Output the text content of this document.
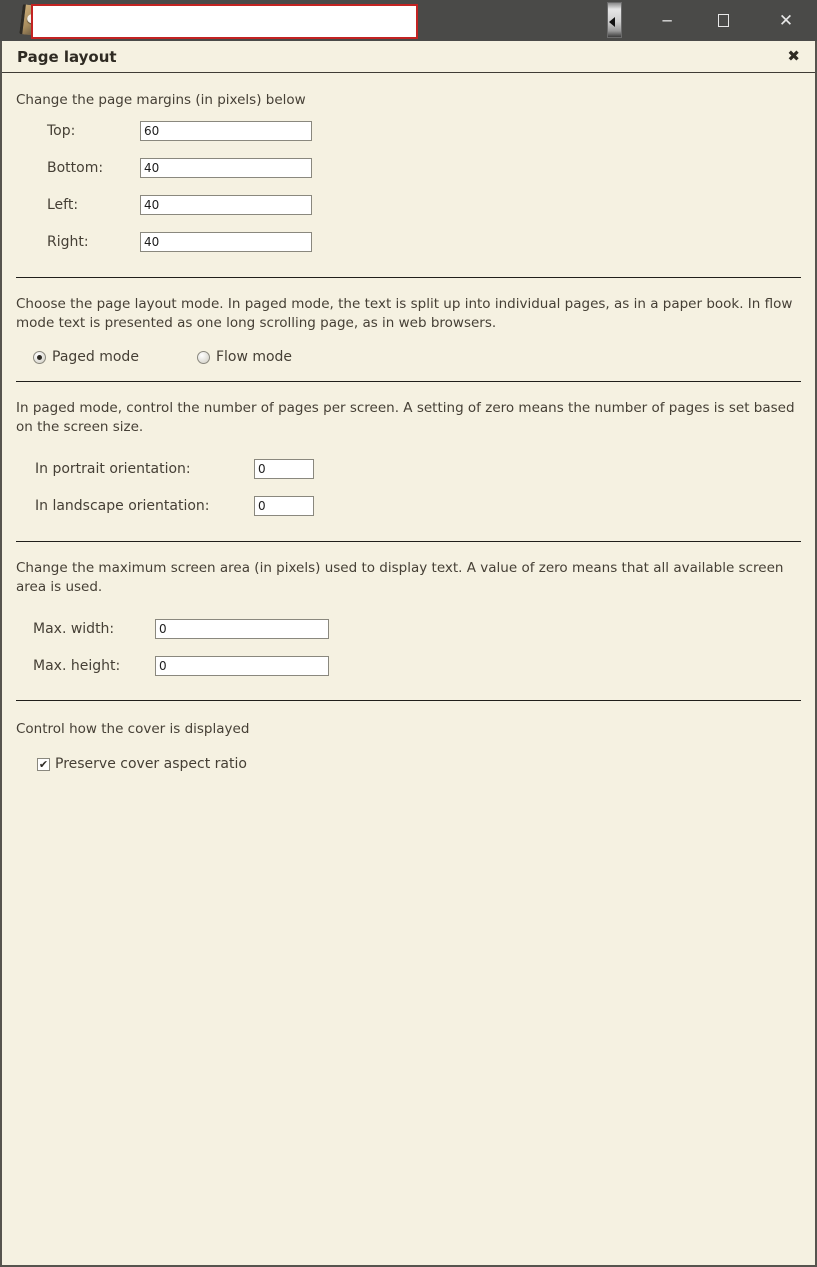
─	✕
Page layout	✖

Change the page margins (in pixels) below

Top:
60
Bottom:
40
Left:
40
Right:
40

Choose the page layout mode. In paged mode, the text is split up into individual pages, as in a paper book. In flow mode text is presented as one long scrolling page, as in web browsers.

Paged mode	Flow mode

In paged mode, control the number of pages per screen. A setting of zero means the number of pages is set based on the screen size.

In portrait orientation:
0
In landscape orientation:
0

Change the maximum screen area (in pixels) used to display text. A value of zero means that all available screen area is used.

Max. width:
0
Max. height:
0

Control how the cover is displayed

✔ Preserve cover aspect ratio
